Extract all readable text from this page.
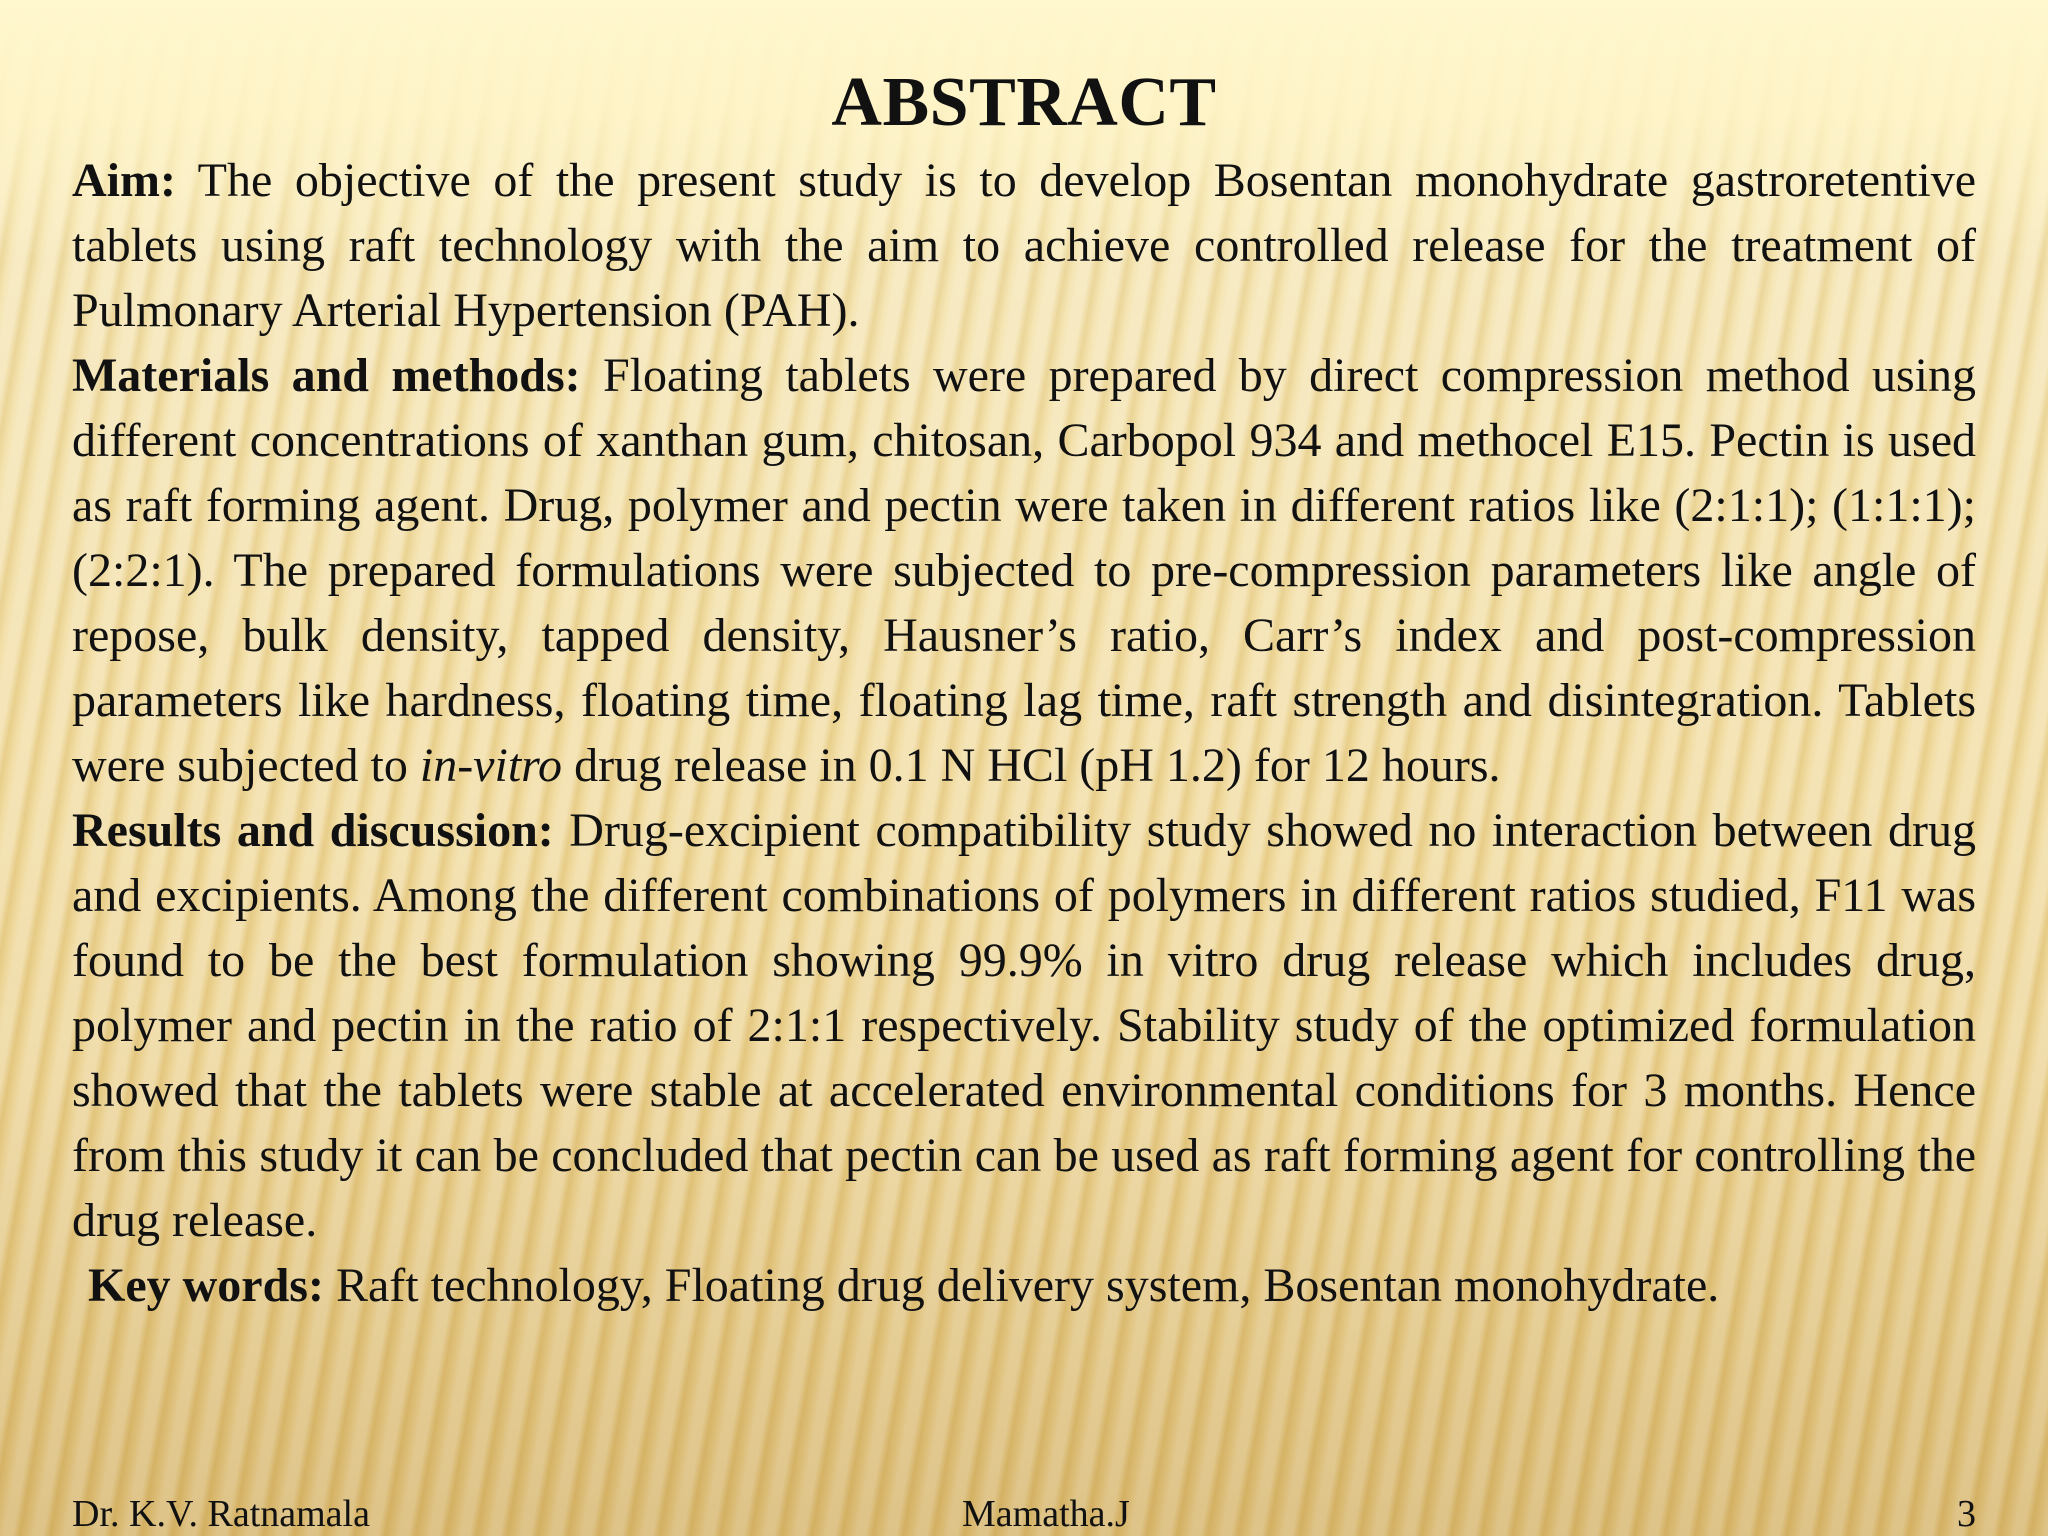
ABSTRACT

Aim: The objective of the present study is to develop Bosentan monohydrate gastroretentive tablets using raft technology with the aim to achieve controlled release for the treatment of Pulmonary Arterial Hypertension (PAH).

Materials and methods: Floating tablets were prepared by direct compression method using different concentrations of xanthan gum, chitosan, Carbopol 934 and methocel E15. Pectin is used as raft forming agent. Drug, polymer and pectin were taken in different ratios like (2:1:1); (1:1:1); (2:2:1). The prepared formulations were subjected to pre-compression parameters like angle of repose, bulk density, tapped density, Hausner’s ratio, Carr’s index and post-compression parameters like hardness, floating time, floating lag time, raft strength and disintegration. Tablets were subjected to in-vitro drug release in 0.1 N HCl (pH 1.2) for 12 hours.

Results and discussion: Drug-excipient compatibility study showed no interaction between drug and excipients. Among the different combinations of polymers in different ratios studied, F11 was found to be the best formulation showing 99.9% in vitro drug release which includes drug, polymer and pectin in the ratio of 2:1:1 respectively. Stability study of the optimized formulation showed that the tablets were stable at accelerated environmental conditions for 3 months. Hence from this study it can be concluded that pectin can be used as raft forming agent for controlling the drug release.

Key words: Raft technology, Floating drug delivery system, Bosentan monohydrate.

Dr. K.V. Ratnamala	Mamatha.J	3
